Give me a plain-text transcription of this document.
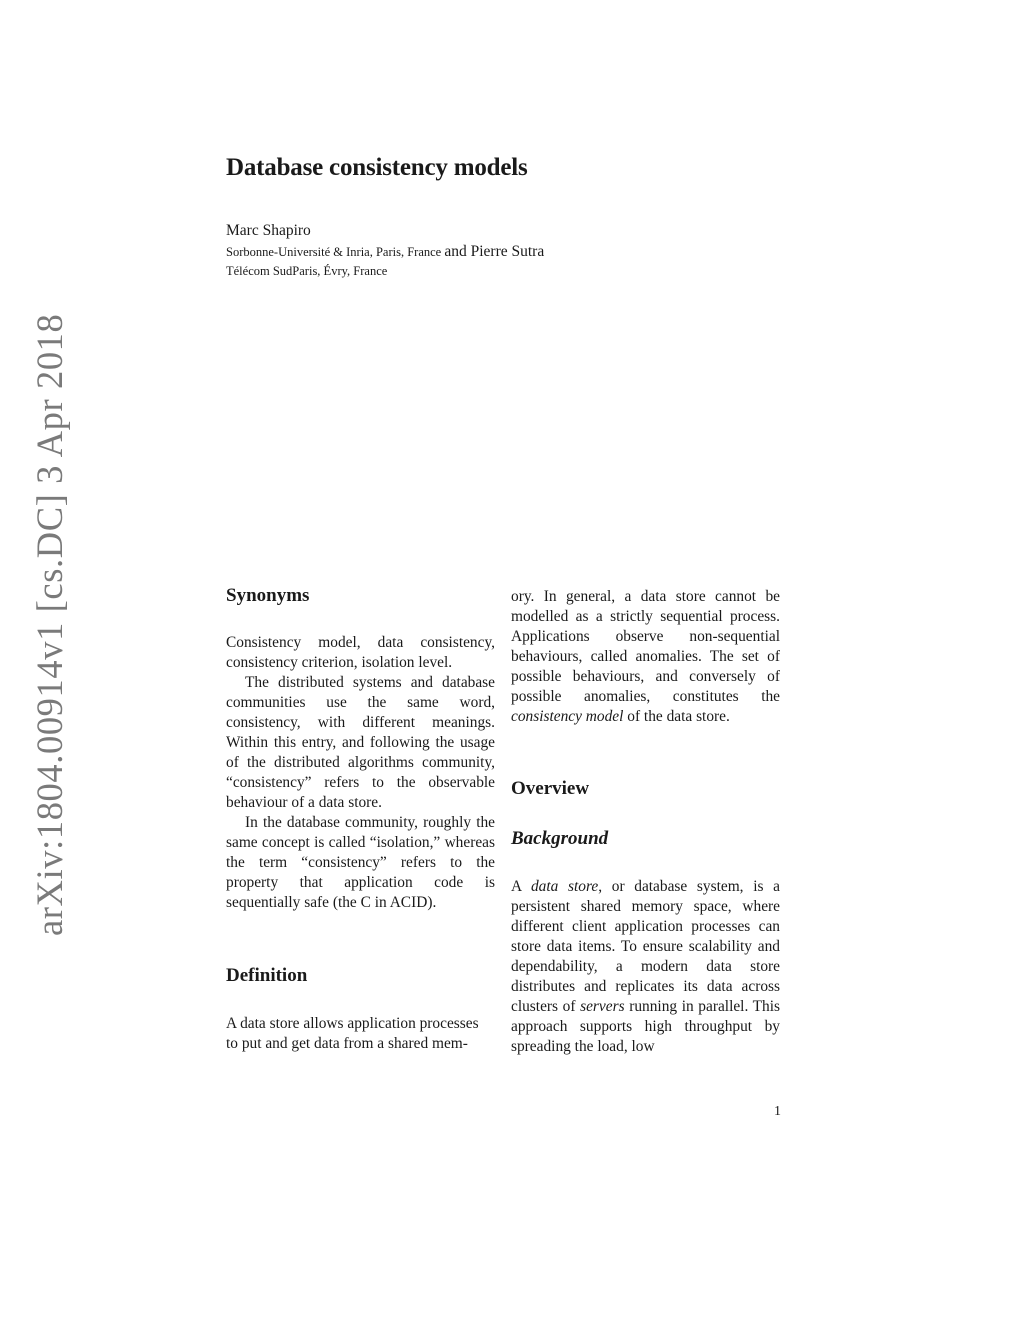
arXiv:1804.00914v1 [cs.DC] 3 Apr 2018
Database consistency models
Marc Shapiro
Sorbonne-Université & Inria, Paris, France and Pierre Sutra
Télécom SudParis, Évry, France
Synonyms

Consistency model, data consistency, consistency criterion, isolation level.

The distributed systems and database communities use the same word, consistency, with different meanings. Within this entry, and following the usage of the distributed algorithms community, “consistency” refers to the observable behaviour of a data store.

In the database community, roughly the same concept is called “isolation,” whereas the term “consistency” refers to the property that application code is sequentially safe (the C in ACID).

Definition

A data store allows application processes

to put and get data from a shared mem-

ory. In general, a data store cannot be modelled as a strictly sequential process. Applications observe non-sequential behaviours, called anomalies. The set of possible behaviours, and conversely of possible anomalies, constitutes the consistency model of the data store.

Overview
Background

A data store, or database system, is a persistent shared memory space, where different client application processes can store data items. To ensure scalability and dependability, a modern data store distributes and replicates its data across clusters of servers running in parallel. This approach supports high throughput by spreading the load, low

1
